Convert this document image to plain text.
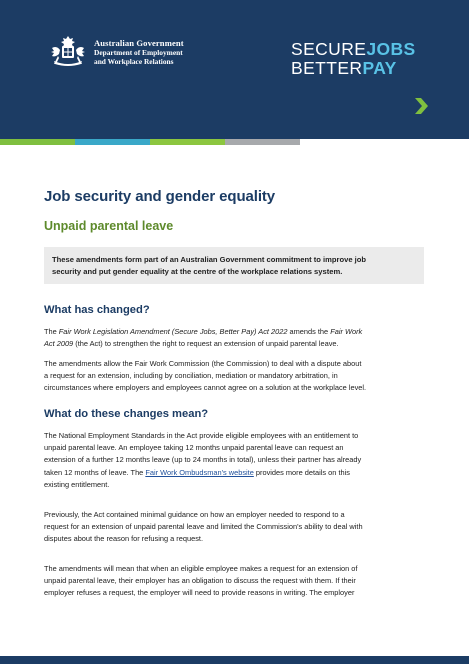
Australian Government
Department of Employment
and Workplace Relations
SECUREJOBS
BETTERPAY
Job security and gender equality
Unpaid parental leave
These amendments form part of an Australian Government commitment to improve job
security and put gender equality at the centre of the workplace relations system.
What has changed?
The Fair Work Legislation Amendment (Secure Jobs, Better Pay) Act 2022 amends the Fair Work
Act 2009 (the Act) to strengthen the right to request an extension of unpaid parental leave.
The amendments allow the Fair Work Commission (the Commission) to deal with a dispute about
a request for an extension, including by conciliation, mediation or mandatory arbitration, in
circumstances where employers and employees cannot agree on a solution at the workplace level.
What do these changes mean?
The National Employment Standards in the Act provide eligible employees with an entitlement to
unpaid parental leave. An employee taking 12 months unpaid parental leave can request an
extension of a further 12 months leave (up to 24 months in total), unless their partner has already
taken 12 months of leave. The Fair Work Ombudsman's website provides more details on this
existing entitlement.
Previously, the Act contained minimal guidance on how an employer needed to respond to a
request for an extension of unpaid parental leave and limited the Commission's ability to deal with
disputes about the reason for refusing a request.
The amendments will mean that when an eligible employee makes a request for an extension of
unpaid parental leave, their employer has an obligation to discuss the request with them. If their
employer refuses a request, the employer will need to provide reasons in writing. The employer
